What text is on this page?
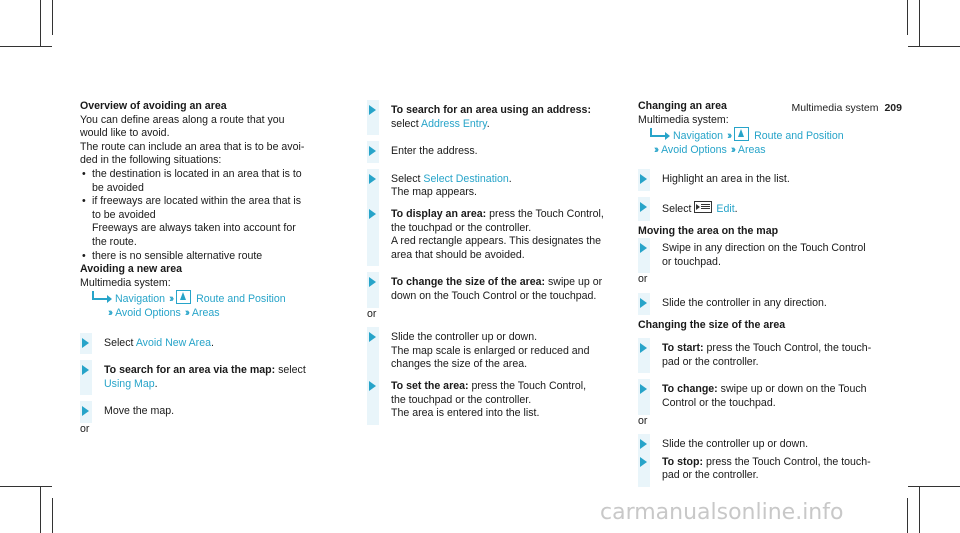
Multimedia system 209
Overview of avoiding an area
You can define areas along a route that you
would like to avoid.
The route can include an area that is to be avoi-
ded in the following situations:
• the destination is located in an area that is to
be avoided
• if freeways are located within the area that is
to be avoided
Freeways are always taken into account for
the route.
• there is no sensible alternative route
Avoiding a new area
Multimedia system:
Navigation ›› Route and Position
›› Avoid Options ›› Areas
Select Avoid New Area.
To search for an area via the map: select
Using Map.
Move the map.
or
To search for an area using an address:
select Address Entry.
Enter the address.
Select Select Destination.
The map appears.
To display an area: press the Touch Control,
the touchpad or the controller.
A red rectangle appears. This designates the
area that should be avoided.
To change the size of the area: swipe up or
down on the Touch Control or the touchpad.
or
Slide the controller up or down.
The map scale is enlarged or reduced and
changes the size of the area.
To set the area: press the Touch Control,
the touchpad or the controller.
The area is entered into the list.
Changing an area
Multimedia system:
Navigation ›› Route and Position
›› Avoid Options ›› Areas
Highlight an area in the list.
Select Edit.
Moving the area on the map
Swipe in any direction on the Touch Control
or touchpad.
or
Slide the controller in any direction.
Changing the size of the area
To start: press the Touch Control, the touch-
pad or the controller.
To change: swipe up or down on the Touch
Control or the touchpad.
or
Slide the controller up or down.
To stop: press the Touch Control, the touch-
pad or the controller.
carmanualsonline.info
